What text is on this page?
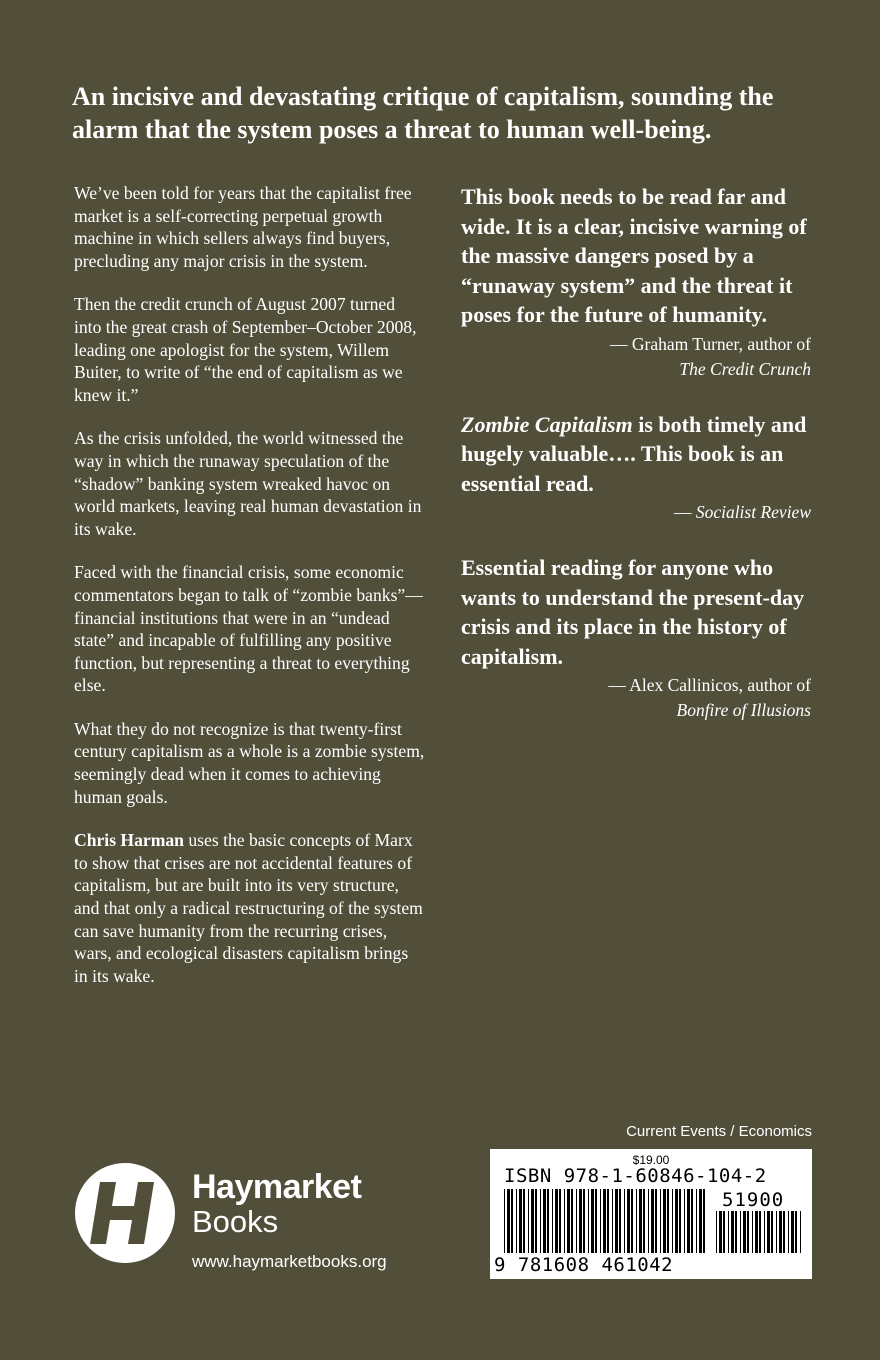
An incisive and devastating critique of capitalism, sounding the alarm that the system poses a threat to human well-being.

We’ve been told for years that the capitalist free market is a self-correcting perpetual growth machine in which sellers always find buyers, precluding any major crisis in the system.

Then the credit crunch of August 2007 turned into the great crash of September–October 2008, leading one apologist for the system, Willem Buiter, to write of “the end of capitalism as we knew it.”

As the crisis unfolded, the world witnessed the way in which the runaway speculation of the “shadow” banking system wreaked havoc on world markets, leaving real human devastation in its wake.

Faced with the financial crisis, some economic commentators began to talk of “zombie banks”—financial institutions that were in an “undead state” and incapable of fulfilling any positive function, but representing a threat to everything else.

What they do not recognize is that twenty-first century capitalism as a whole is a zombie system, seemingly dead when it comes to achieving human goals.

Chris Harman uses the basic concepts of Marx to show that crises are not accidental features of capitalism, but are built into its very structure, and that only a radical restructuring of the system can save humanity from the recurring crises, wars, and ecological disasters capitalism brings in its wake.

This book needs to be read far and wide. It is a clear, incisive warning of the massive dangers posed by a “runaway system” and the threat it poses for the future of humanity.
— Graham Turner, author of
The Credit Crunch
Zombie Capitalism is both timely and hugely valuable…. This book is an essential read.
— Socialist Review
Essential reading for anyone who wants to understand the present-day crisis and its place in the history of capitalism.
— Alex Callinicos, author of
Bonfire of Illusions
Current Events / Economics
$19.00
ISBN 978-1-60846-104-2
51900
9 781608 461042
Haymarket
Books
www.haymarketbooks.org
